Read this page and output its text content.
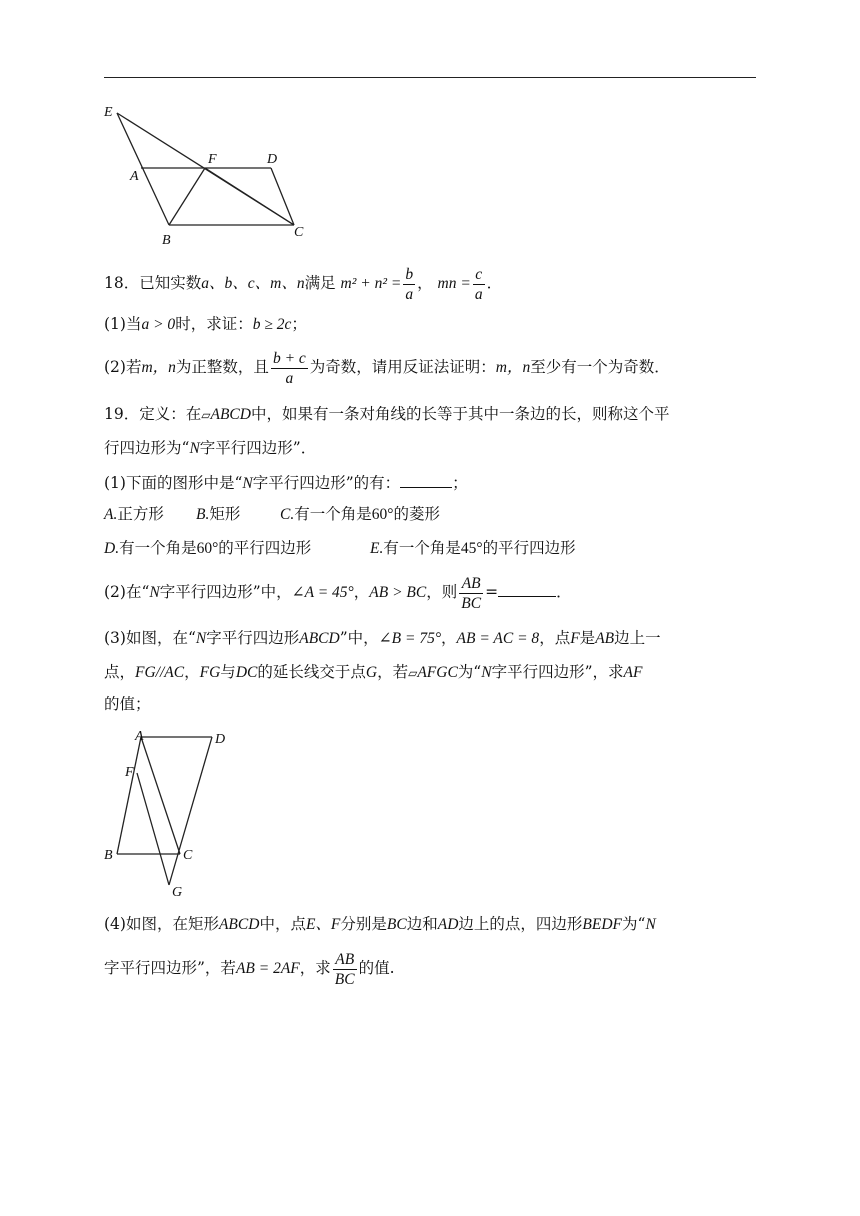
E
A
F	D
B
C
18．已知实数a、b、c、m、n满足 $m^2 + n^2 = \frac{b}{a}$ ， mn = $\frac{c}{a}$ ．
(1)当a > 0时，求证：b ≥ 2c；
(2)若m，n为正整数，且 $\frac{b + c}{a}$ 为奇数，请用反证法证明：m，n至少有一个为奇数．
19．定义：在▱ABCD中，如果有一条对角线的长等于其中一条边的长，则称这个平
行四边形为“N字平行四边形”．
(1)下面的图形中是“N字平行四边形”的有：	；
A.正方形 B.矩形	C.有一个角是60°的菱形
D.有一个角是60°的平行四边形	E.有一个角是45°的平行四边形
(2)在“N字平行四边形”中，∠A = 45°，AB > BC，则 $\frac{AB}{BC}$ =	．
(3)如图，在“N字平行四边形ABCD”中，∠B = 75°，AB = AC = 8，点F是AB边上一
点，FG//AC，FG与DC的延长线交于点G，若▱AFGC为“N字平行四边形”，求AF
的值；
A	D
F
B	C
G
(4)如图，在矩形ABCD中，点E、F分别是BC边和AD边上的点，四边形BEDF为“N
字平行四边形”，若AB = 2AF，求 $\frac{AB}{BC}$ 的值.
